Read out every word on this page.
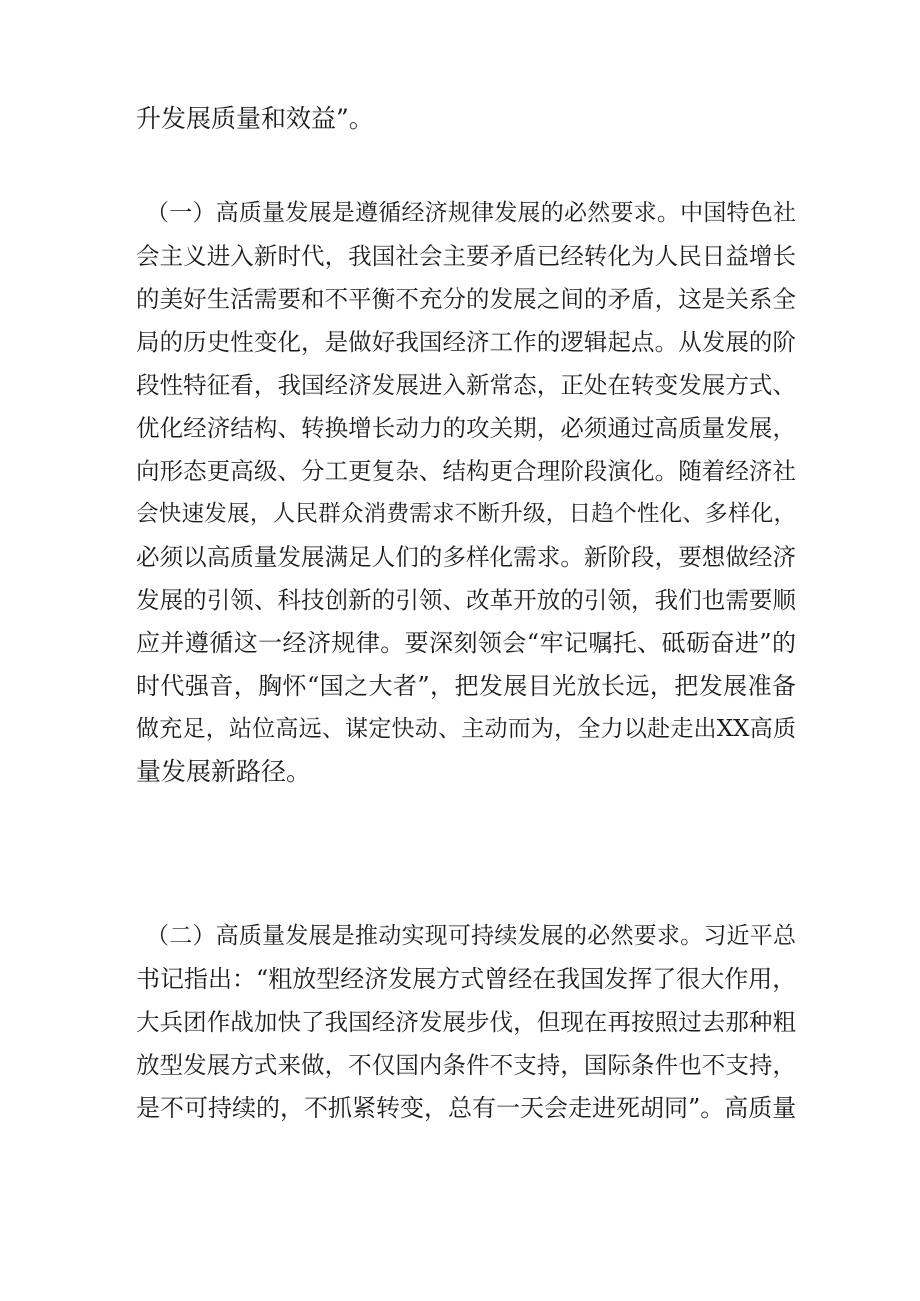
升发展质量和效益”。
（一）高质量发展是遵循经济规律发展的必然要求。中国特色社
会主义进入新时代，我国社会主要矛盾已经转化为人民日益增长
的美好生活需要和不平衡不充分的发展之间的矛盾，这是关系全
局的历史性变化，是做好我国经济工作的逻辑起点。从发展的阶
段性特征看，我国经济发展进入新常态，正处在转变发展方式、
优化经济结构、转换增长动力的攻关期，必须通过高质量发展，
向形态更高级、分工更复杂、结构更合理阶段演化。随着经济社
会快速发展，人民群众消费需求不断升级，日趋个性化、多样化，
必须以高质量发展满足人们的多样化需求。新阶段，要想做经济
发展的引领、科技创新的引领、改革开放的引领，我们也需要顺
应并遵循这一经济规律。要深刻领会“牢记嘱托、砥砺奋进”的
时代强音，胸怀“国之大者”，把发展目光放长远，把发展准备
做充足，站位高远、谋定快动、主动而为，全力以赴走出XX高质
量发展新路径。
（二）高质量发展是推动实现可持续发展的必然要求。习近平总
书记指出：“粗放型经济发展方式曾经在我国发挥了很大作用，
大兵团作战加快了我国经济发展步伐，但现在再按照过去那种粗
放型发展方式来做，不仅国内条件不支持，国际条件也不支持，
是不可持续的，不抓紧转变，总有一天会走进死胡同”。高质量
